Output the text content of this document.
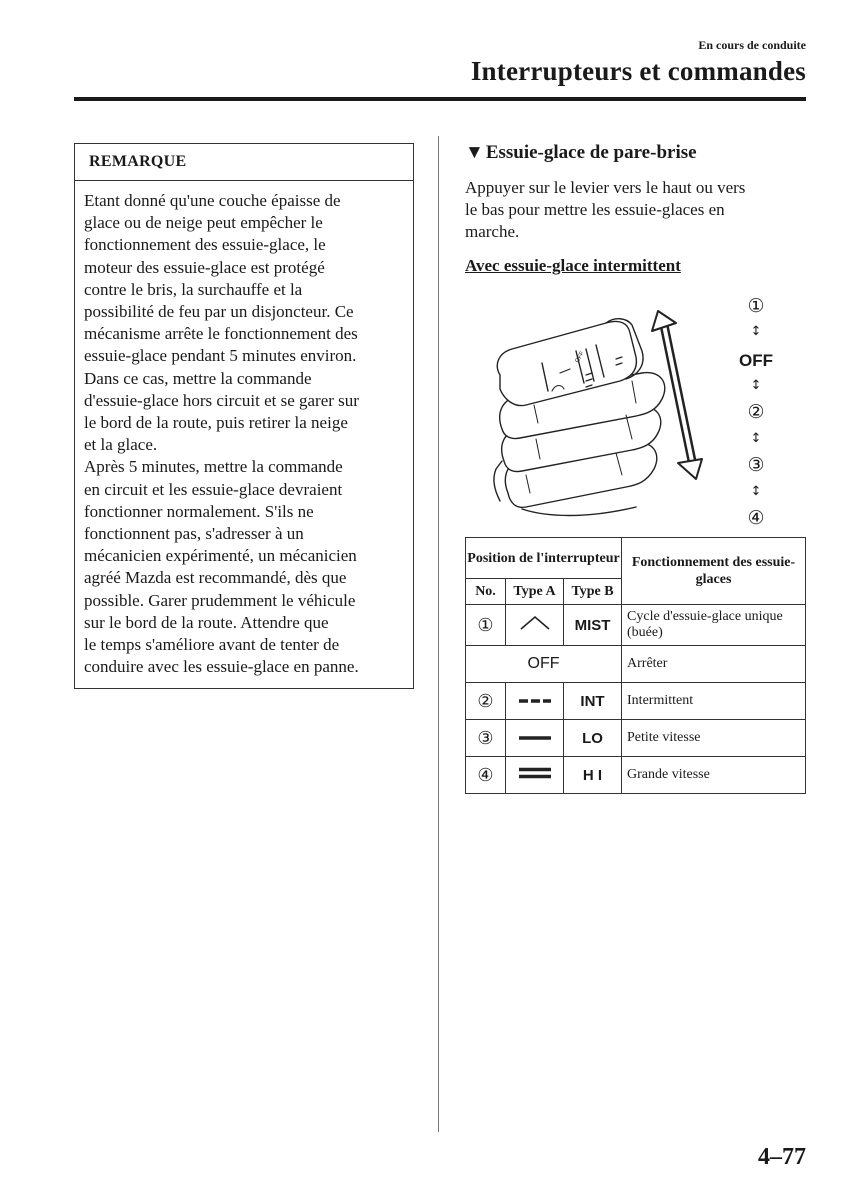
En cours de conduite
Interrupteurs et commandes
REMARQUE
Etant donné qu'une couche épaisse de
glace ou de neige peut empêcher le
fonctionnement des essuie-glace, le
moteur des essuie-glace est protégé
contre le bris, la surchauffe et la
possibilité de feu par un disjoncteur. Ce
mécanisme arrête le fonctionnement des
essuie-glace pendant 5 minutes environ.
Dans ce cas, mettre la commande
d'essuie-glace hors circuit et se garer sur
le bord de la route, puis retirer la neige
et la glace.
Après 5 minutes, mettre la commande
en circuit et les essuie-glace devraient
fonctionner normalement. S'ils ne
fonctionnent pas, s'adresser à un
mécanicien expérimenté, un mécanicien
agréé Mazda est recommandé, dès que
possible. Garer prudemment le véhicule
sur le bord de la route. Attendre que
le temps s'améliore avant de tenter de
conduire avec les essuie-glace en panne.
▼ Essuie-glace de pare-brise
Appuyer sur le levier vers le haut ou vers
le bas pour mettre les essuie-glaces en
marche.
Avec essuie-glace intermittent
OFF
①
↕
OFF
↕
②
↕
③
↕
④
Position de l'interrupteur			Fonctionnement des essuie-glaces
No.	Type A	Type B	
①		MIST	Cycle d'essuie-glace unique (buée)
OFF			Arrêter
②		INT	Intermittent
③		LO	Petite vitesse
④		H I	Grande vitesse
4–77
